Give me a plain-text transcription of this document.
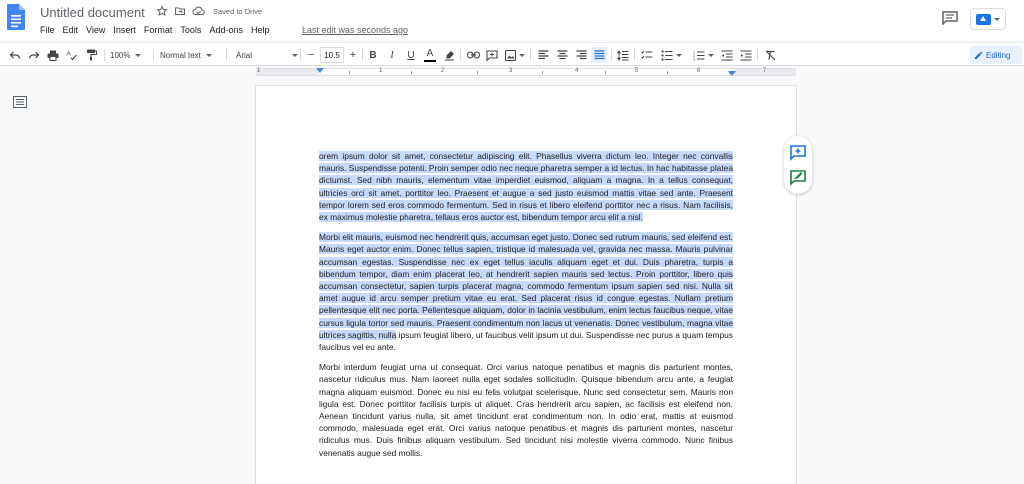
Untitled document	Saved to Drive
File Edit View Insert Format Tools Add-ons Help	Last edit was seconds ago
A	100%	Normal text	Arial	−	10.5 + B I U A	1
2
3	Editing
1	1	2	3	4	5	6	7

orem ipsum dolor sit amet, consectetur adipiscing elit. Phasellus viverra dictum leo. Integer nec convallis mauris. Suspendisse potenti. Proin semper odio nec neque pharetra semper a id lectus. In hac habitasse platea dictumst. Sed nibh mauris, elementum vitae imperdiet euismod, aliquam a magna. In a tellus consequat, ultricies orci sit amet, porttitor leo. Praesent et augue a sed justo euismod mattis vitae sed ante. Praesent tempor lorem sed eros commodo fermentum. Sed in risus et libero eleifend porttitor nec a risus. Nam facilisis, ex maximus molestie pharetra, tellaus eros auctor est, bibendum tempor arcu elit a nisl.

Morbi elit mauris, euismod nec hendrerit quis, accumsan eget justo. Donec sed rutrum mauris, sed eleifend est. Mauris eget auctor enim. Donec tellus sapien, tristique id malesuada vel, gravida nec massa. Mauris pulvinar accumsan egestas. Suspendisse nec ex eget tellus iaculis aliquam eget et dui. Duis pharetra, turpis a bibendum tempor, diam enim placerat leo, at hendrerit sapien mauris sed lectus. Proin porttitor, libero quis accumsan consectetur, sapien turpis placerat magna, commodo fermentum ipsum sapien sed nisi. Nulla sit amet augue id arcu semper pretium vitae eu erat. Sed placerat risus id congue egestas. Nullam pretium pellentesque elit nec porta. Pellentesque aliquam, dolor in lacinia vestibulum, enim lectus faucibus neque, vitae cursus ligula tortor sed mauris. Praesent condimentum non lacus ut venenatis. Donec vestibulum, magna vitae ultrices sagittis, nulla ipsum feugiat libero, ut faucibus velit ipsum ut dui. Suspendisse nec purus a quam tempus faucibus vel eu ante.

Morbi interdum feugiat urna ut consequat. Orci varius natoque penatibus et magnis dis parturient montes, nascetur ridiculus mus. Nam laoreet nulla eget sodales sollicitudin. Quisque bibendum arcu ante, a feugiat magna aliquam euismod. Donec eu nisi eu felis volutpat scelerisque. Nunc sed consectetur sem. Mauris non ligula est. Donec porttitor facilisis turpis ut aliquet. Cras hendrerit arcu sapien, ac facilisis est eleifend non. Aenean tincidunt varius nulla, sit amet tincidunt erat condimentum non. In odio erat, mattis at euismod commodo, malesuada eget erat. Orci varius natoque penatibus et magnis dis parturient montes, nascetur ridiculus mus. Duis finibus aliquam vestibulum. Sed tincidunt nisi molestie viverra commodo. Nunc finibus venenatis augue sed mollis.
